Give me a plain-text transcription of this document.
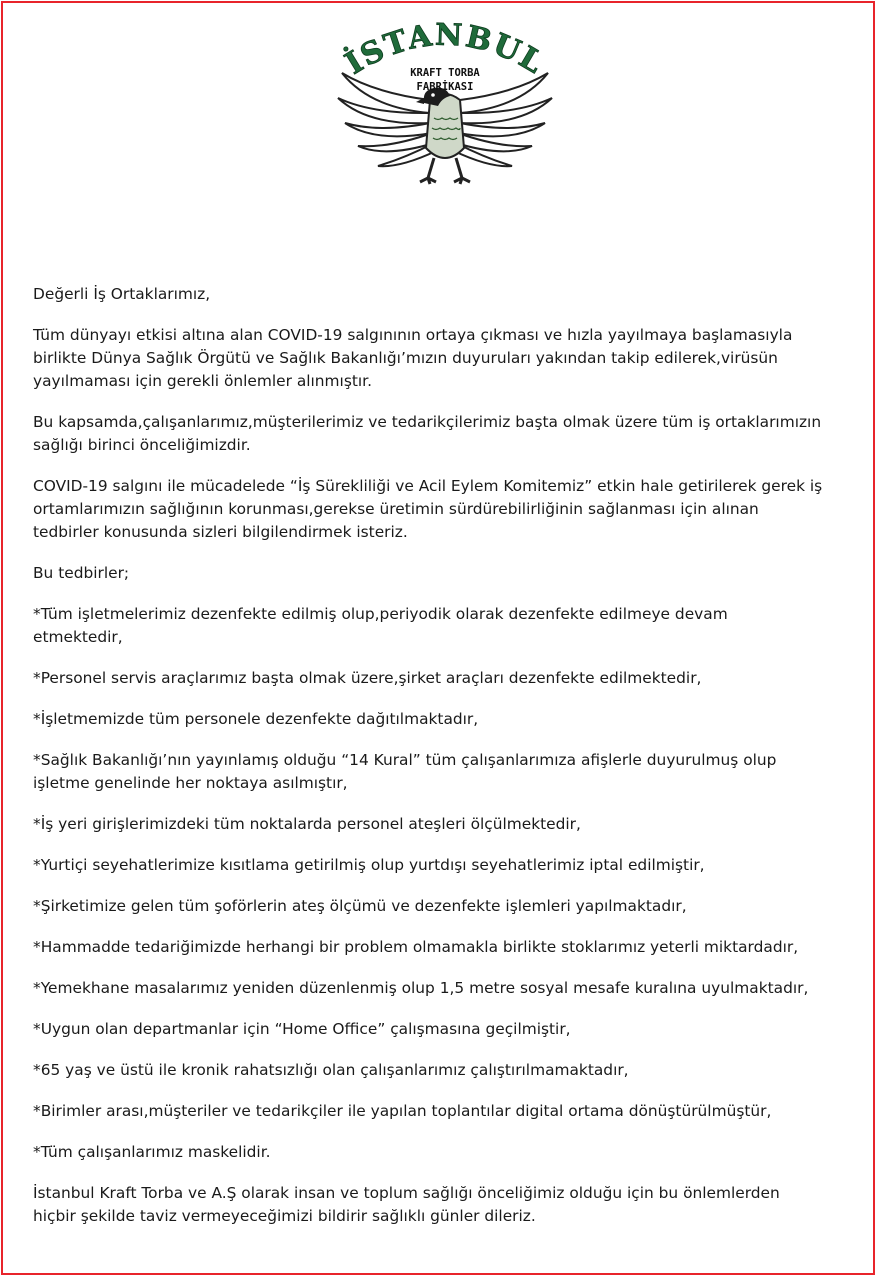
İSTANBUL
KRAFT TORBA
FABRİKASI

Değerli İş Ortaklarımız,

Tüm dünyayı etkisi altına alan COVID-19 salgınının ortaya çıkması ve hızla yayılmaya başlamasıyla

birlikte Dünya Sağlık Örgütü ve Sağlık Bakanlığı’mızın duyuruları yakından takip edilerek,virüsün

yayılmaması için gerekli önlemler alınmıştır.

Bu kapsamda,çalışanlarımız,müşterilerimiz ve tedarikçilerimiz başta olmak üzere tüm iş ortaklarımızın

sağlığı birinci önceliğimizdir.

COVID-19 salgını ile mücadelede “İş Sürekliliği ve Acil Eylem Komitemiz” etkin hale getirilerek gerek iş

ortamlarımızın sağlığının korunması,gerekse üretimin sürdürebilirliğinin sağlanması için alınan

tedbirler konusunda sizleri bilgilendirmek isteriz.

Bu tedbirler;

*Tüm işletmelerimiz dezenfekte edilmiş olup,periyodik olarak dezenfekte edilmeye devam

etmektedir,

*Personel servis araçlarımız başta olmak üzere,şirket araçları dezenfekte edilmektedir,

*İşletmemizde tüm personele dezenfekte dağıtılmaktadır,

*Sağlık Bakanlığı’nın yayınlamış olduğu “14 Kural” tüm çalışanlarımıza afişlerle duyurulmuş olup

işletme genelinde her noktaya asılmıştır,

*İş yeri girişlerimizdeki tüm noktalarda personel ateşleri ölçülmektedir,

*Yurtiçi seyehatlerimize kısıtlama getirilmiş olup yurtdışı seyehatlerimiz iptal edilmiştir,

*Şirketimize gelen tüm şoförlerin ateş ölçümü ve dezenfekte işlemleri yapılmaktadır,

*Hammadde tedariğimizde herhangi bir problem olmamakla birlikte stoklarımız yeterli miktardadır,

*Yemekhane masalarımız yeniden düzenlenmiş olup 1,5 metre sosyal mesafe kuralına uyulmaktadır,

*Uygun olan departmanlar için “Home Office” çalışmasına geçilmiştir,

*65 yaş ve üstü ile kronik rahatsızlığı olan çalışanlarımız çalıştırılmamaktadır,

*Birimler arası,müşteriler ve tedarikçiler ile yapılan toplantılar digital ortama dönüştürülmüştür,

*Tüm çalışanlarımız maskelidir.

İstanbul Kraft Torba ve A.Ş olarak insan ve toplum sağlığı önceliğimiz olduğu için bu önlemlerden

hiçbir şekilde taviz vermeyeceğimizi bildirir sağlıklı günler dileriz.
